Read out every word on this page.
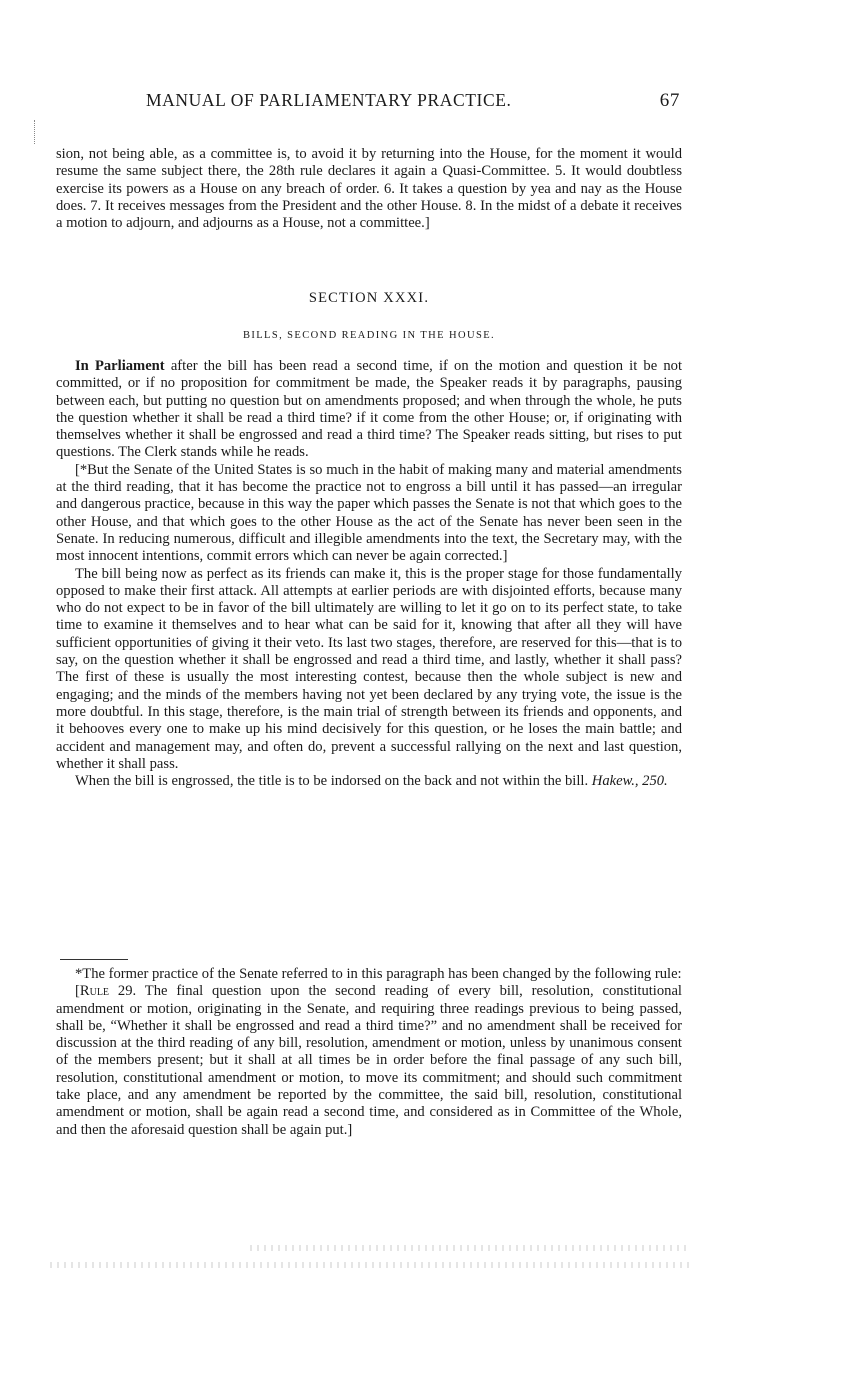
MANUAL OF PARLIAMENTARY PRACTICE.	67

sion, not being able, as a committee is, to avoid it by returning into the House, for the moment it would resume the same subject there, the 28th rule declares it again a Quasi-Committee. 5. It would doubtless exercise its powers as a House on any breach of order. 6. It takes a question by yea and nay as the House does. 7. It receives messages from the President and the other House. 8. In the midst of a debate it receives a motion to adjourn, and adjourns as a House, not a committee.]

SECTION XXXI.
BILLS, SECOND READING IN THE HOUSE.

In Parliament after the bill has been read a second time, if on the motion and question it be not committed, or if no proposition for commitment be made, the Speaker reads it by paragraphs, pausing between each, but putting no question but on amendments proposed; and when through the whole, he puts the question whether it shall be read a third time? if it come from the other House; or, if originating with themselves whether it shall be engrossed and read a third time? The Speaker reads sitting, but rises to put questions. The Clerk stands while he reads.

[*But the Senate of the United States is so much in the habit of making many and material amendments at the third reading, that it has become the practice not to engross a bill until it has passed—an irregular and dangerous practice, because in this way the paper which passes the Senate is not that which goes to the other House, and that which goes to the other House as the act of the Senate has never been seen in the Senate. In reducing numerous, difficult and illegible amendments into the text, the Secretary may, with the most innocent intentions, commit errors which can never be again corrected.]

The bill being now as perfect as its friends can make it, this is the proper stage for those fundamentally opposed to make their first attack. All attempts at earlier periods are with disjointed efforts, because many who do not expect to be in favor of the bill ultimately are willing to let it go on to its perfect state, to take time to examine it themselves and to hear what can be said for it, knowing that after all they will have sufficient opportunities of giving it their veto. Its last two stages, therefore, are reserved for this—that is to say, on the question whether it shall be engrossed and read a third time, and lastly, whether it shall pass? The first of these is usually the most interesting contest, because then the whole subject is new and engaging; and the minds of the members having not yet been declared by any trying vote, the issue is the more doubtful. In this stage, therefore, is the main trial of strength between its friends and opponents, and it behooves every one to make up his mind decisively for this question, or he loses the main battle; and accident and management may, and often do, prevent a successful rallying on the next and last question, whether it shall pass.

When the bill is engrossed, the title is to be indorsed on the back and not within the bill. Hakew., 250.

*The former practice of the Senate referred to in this paragraph has been changed by the following rule:

[Rule 29. The final question upon the second reading of every bill, resolution, constitutional amendment or motion, originating in the Senate, and requiring three readings previous to being passed, shall be, “Whether it shall be engrossed and read a third time?” and no amendment shall be received for discussion at the third reading of any bill, resolution, amendment or motion, unless by unanimous consent of the members present; but it shall at all times be in order before the final passage of any such bill, resolution, constitutional amendment or motion, to move its commitment; and should such commitment take place, and any amendment be reported by the committee, the said bill, resolution, constitutional amendment or motion, shall be again read a second time, and considered as in Committee of the Whole, and then the aforesaid question shall be again put.]
